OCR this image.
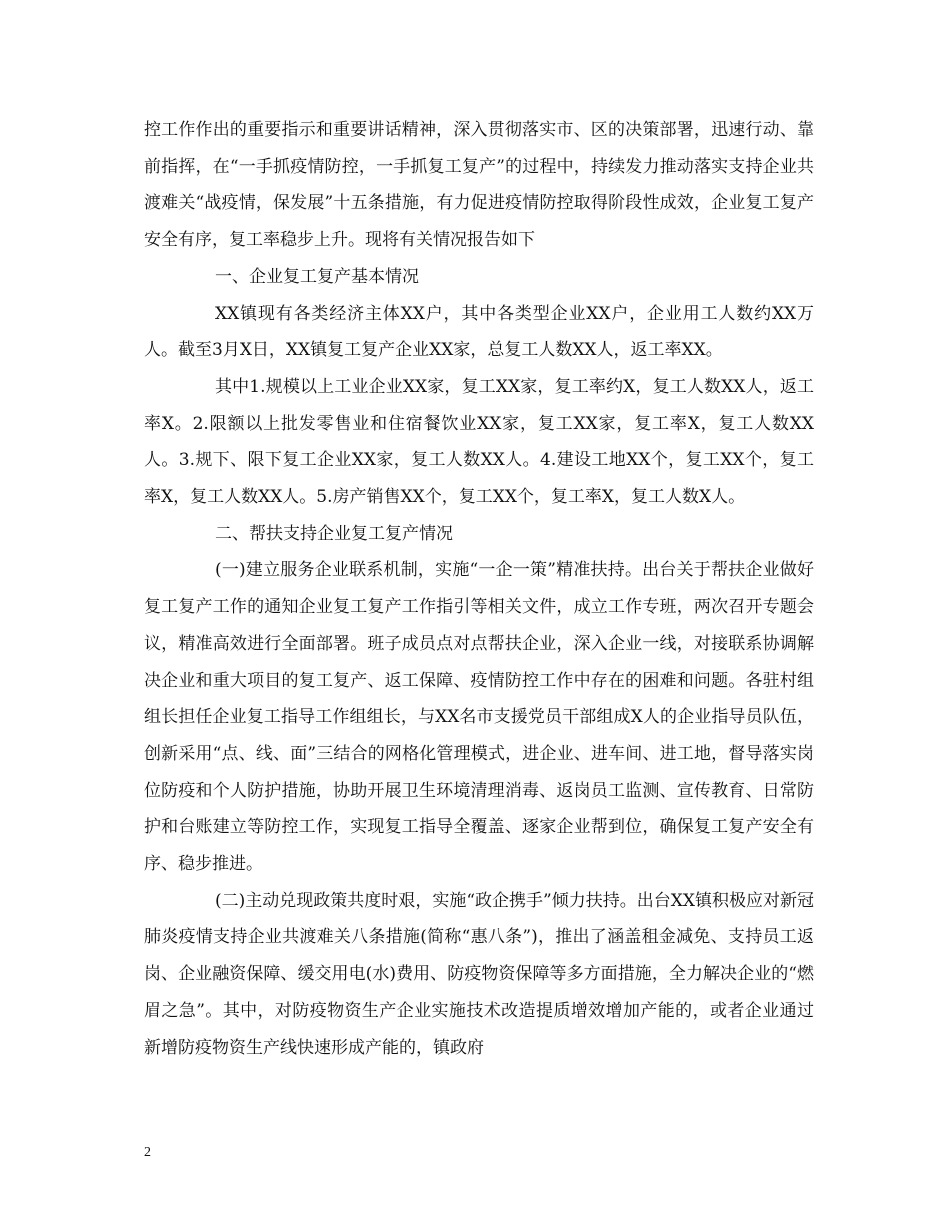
控工作作出的重要指示和重要讲话精神，深入贯彻落实市、区的决策部署，迅速行动、靠前指挥，在“一手抓疫情防控，一手抓复工复产”的过程中，持续发力推动落实支持企业共渡难关“战疫情，保发展”十五条措施，有力促进疫情防控取得阶段性成效，企业复工复产安全有序，复工率稳步上升。现将有关情况报告如下

一、企业复工复产基本情况

XX镇现有各类经济主体XX户，其中各类型企业XX户，企业用工人数约XX万人。截至3月X日，XX镇复工复产企业XX家，总复工人数XX人，返工率XX。

其中1.规模以上工业企业XX家，复工XX家，复工率约X，复工人数XX人，返工率X。2.限额以上批发零售业和住宿餐饮业XX家，复工XX家，复工率X，复工人数XX人。3.规下、限下复工企业XX家，复工人数XX人。4.建设工地XX个，复工XX个，复工率X，复工人数XX人。5.房产销售XX个，复工XX个，复工率X，复工人数X人。

二、帮扶支持企业复工复产情况

(一)建立服务企业联系机制，实施“一企一策”精准扶持。出台关于帮扶企业做好复工复产工作的通知企业复工复产工作指引等相关文件，成立工作专班，两次召开专题会议，精准高效进行全面部署。班子成员点对点帮扶企业，深入企业一线，对接联系协调解决企业和重大项目的复工复产、返工保障、疫情防控工作中存在的困难和问题。各驻村组组长担任企业复工指导工作组组长，与XX名市支援党员干部组成X人的企业指导员队伍，创新采用“点、线、面”三结合的网格化管理模式，进企业、进车间、进工地，督导落实岗位防疫和个人防护措施，协助开展卫生环境清理消毒、返岗员工监测、宣传教育、日常防护和台账建立等防控工作，实现复工指导全覆盖、逐家企业帮到位，确保复工复产安全有序、稳步推进。

(二)主动兑现政策共度时艰，实施“政企携手”倾力扶持。出台XX镇积极应对新冠肺炎疫情支持企业共渡难关八条措施(简称“惠八条”)，推出了涵盖租金减免、支持员工返岗、企业融资保障、缓交用电(水)费用、防疫物资保障等多方面措施，全力解决企业的“燃眉之急”。其中，对防疫物资生产企业实施技术改造提质增效增加产能的，或者企业通过新增防疫物资生产线快速形成产能的，镇政府

2
